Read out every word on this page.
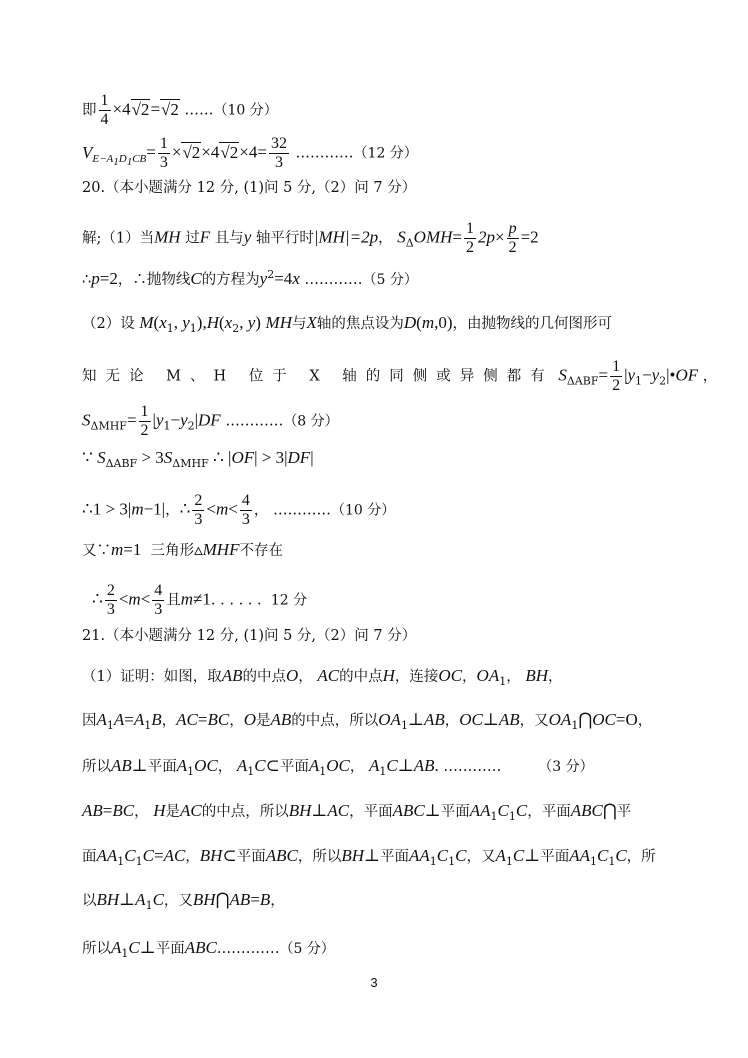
即 $\frac{1}{4} \times 4√2=√2$ ……（10 分）
$V_{E-A_1D_1CB}= \frac{1}{3} \times√2\times 4√2\times 4= \frac{32}{3}$ …………（12 分）
20.（本小题满分 12 分, (1)问 5 分,（2）问 7 分）
解;（1）当MH 过F 且与y 轴平行时|MH|=2p， $S_\Delta OMH= \frac{1}{2} 2p\times \frac{p}{2} =2$
∴p=2，∴抛物线C的方程为$y^2=4x$ …………（5 分）
（2）设 $M(x_1$, $y_1),H(x_2$, y) MH与X轴的焦点设为D(m,0)，由抛物线的几何图形可
知无论 M、H 位于 X 轴的同侧或异侧都有 $S_{\Delta ABF}= \frac{1}{2}$ $|y_1-y_2|•OF$ ，
$S_{\Delta MHF}= \frac{1}{2} |y_1-y_2|DF$ …………（8 分）
∵ $S_{\Delta ABF} > 3S_{\Delta MHF}$ ∴ |OF| > 3|DF|
∴1 > 3|m−1|，∴ $\frac{2}{3} <m< \frac{4}{3}$ ， …………（10 分）
又∵m=1 三角形▵MHF不存在
∴ $\frac{2}{3} <m< \frac{4}{3}$ 且m≠1. . . . . . 12 分
21.（本小题满分 12 分, (1)问 5 分,（2）问 7 分）
（1）证明：如图，取AB的中点O， AC的中点H，连接OC，$OA_1$， BH，
因$A_1A=A_1B$，AC=BC，O是AB的中点，所以$OA_1\perp AB$，OC⊥AB，又$OA_1⋂OC=O$，
所以AB⊥平面$A_1OC$， $A_1C\subset$平面$A_1OC$， $A_1C\perp AB$. …………	（3 分）
AB=BC， H是AC的中点，所以BH⊥AC，平面ABC⊥平面$AA_1C_1C$，平面ABC⋂平
面$AA_1C_1C=AC$，BH⊂平面ABC，所以BH⊥平面$AA_1C_1C$，又$A_1C\perp$平面$AA_1C_1C$，所
以$BH\perp A_1C$，又BH⋂AB=B，
所以$A_1C\perp$平面ABC.…………（5 分）
3
